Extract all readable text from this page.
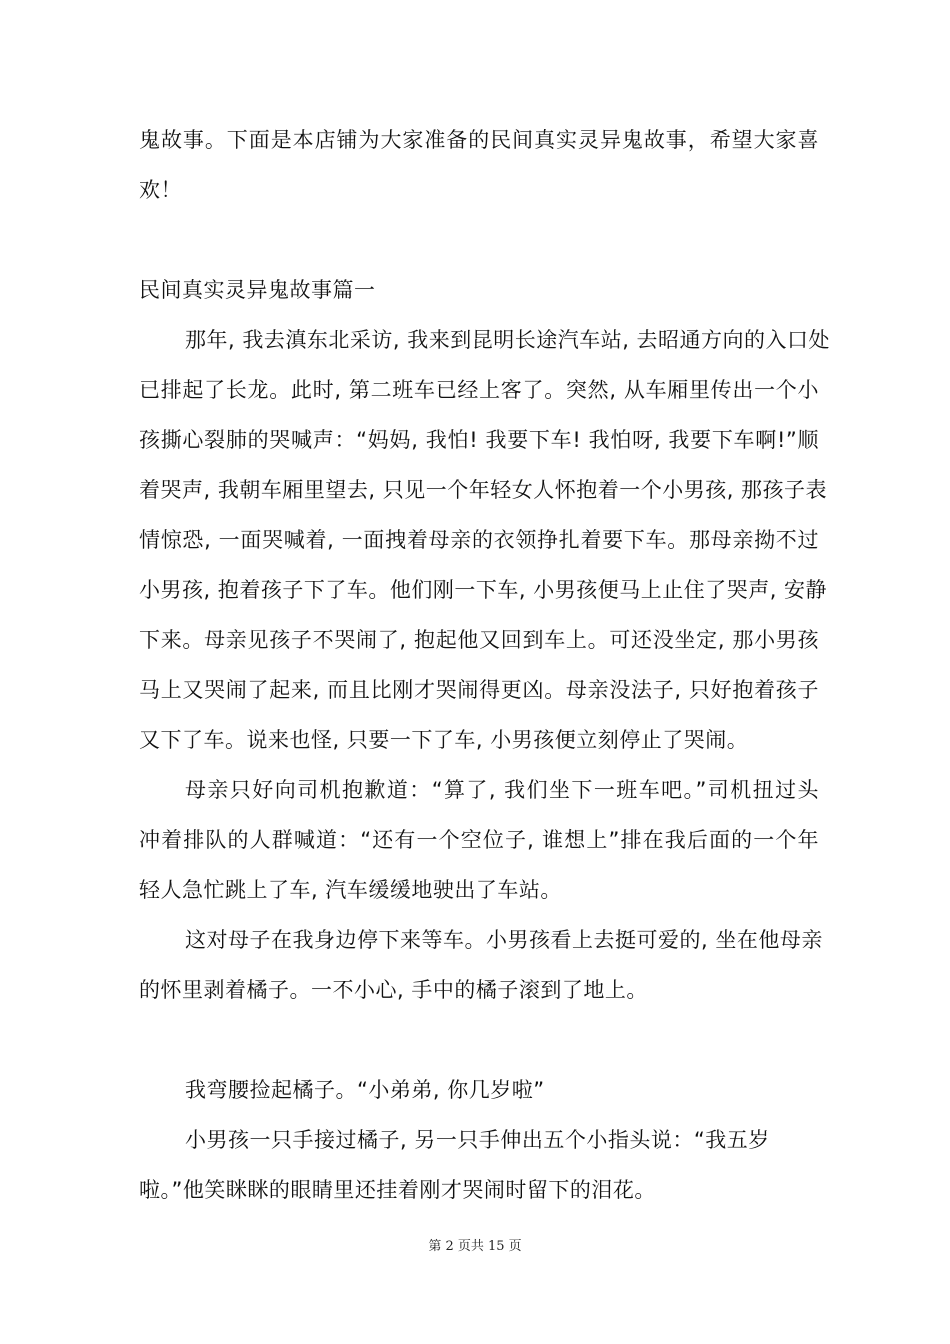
鬼故事。下面是本店铺为大家准备的民间真实灵异鬼故事，希望大家喜
欢！
民间真实灵异鬼故事篇一
那年, 我去滇东北采访, 我来到昆明长途汽车站, 去昭通方向的入口处
已排起了长龙。此时, 第二班车已经上客了。突然, 从车厢里传出一个小
孩撕心裂肺的哭喊声：“妈妈, 我怕! 我要下车! 我怕呀, 我要下车啊!”顺
着哭声, 我朝车厢里望去, 只见一个年轻女人怀抱着一个小男孩, 那孩子表
情惊恐, 一面哭喊着, 一面拽着母亲的衣领挣扎着要下车。那母亲拗不过
小男孩, 抱着孩子下了车。他们刚一下车, 小男孩便马上止住了哭声, 安静
下来。母亲见孩子不哭闹了, 抱起他又回到车上。可还没坐定, 那小男孩
马上又哭闹了起来, 而且比刚才哭闹得更凶。母亲没法子, 只好抱着孩子
又下了车。说来也怪, 只要一下了车, 小男孩便立刻停止了哭闹。
母亲只好向司机抱歉道：“算了, 我们坐下一班车吧。”司机扭过头
冲着排队的人群喊道：“还有一个空位子, 谁想上”排在我后面的一个年
轻人急忙跳上了车, 汽车缓缓地驶出了车站。
这对母子在我身边停下来等车。小男孩看上去挺可爱的, 坐在他母亲
的怀里剥着橘子。一不小心, 手中的橘子滚到了地上。
我弯腰捡起橘子。“小弟弟, 你几岁啦”
小男孩一只手接过橘子, 另一只手伸出五个小指头说：“我五岁
啦。”他笑眯眯的眼睛里还挂着刚才哭闹时留下的泪花。
第 2 页共 15 页
